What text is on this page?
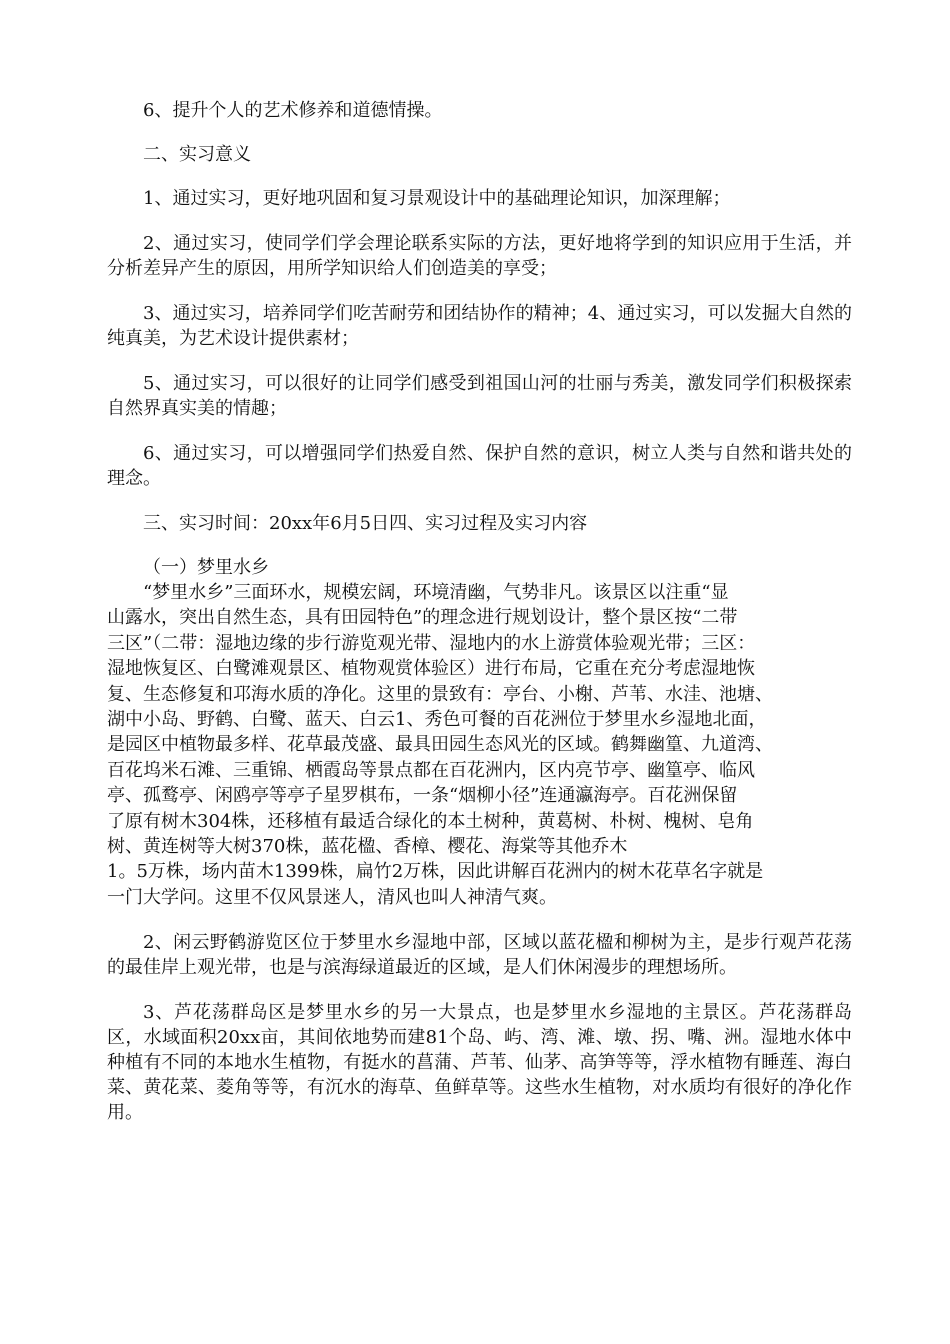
6、提升个人的艺术修养和道德情操。

二、实习意义

1、通过实习，更好地巩固和复习景观设计中的基础理论知识，加深理解；

2、通过实习，使同学们学会理论联系实际的方法，更好地将学到的知识应用于生活，并分析差异产生的原因，用所学知识给人们创造美的享受；

3、通过实习，培养同学们吃苦耐劳和团结协作的精神；4、通过实习，可以发掘大自然的纯真美，为艺术设计提供素材；

5、通过实习，可以很好的让同学们感受到祖国山河的壮丽与秀美，激发同学们积极探索自然界真实美的情趣；

6、通过实习，可以增强同学们热爱自然、保护自然的意识，树立人类与自然和谐共处的理念。

三、实习时间：20xx年6月5日四、实习过程及实习内容

（一）梦里水乡

“梦里水乡”三面环水，规模宏阔，环境清幽，气势非凡。该景区以注重“显
山露水，突出自然生态，具有田园特色”的理念进行规划设计，整个景区按“二带
三区”（二带：湿地边缘的步行游览观光带、湿地内的水上游赏体验观光带；三区：
湿地恢复区、白鹭滩观景区、植物观赏体验区）进行布局，它重在充分考虑湿地恢
复、生态修复和邛海水质的净化。这里的景致有：亭台、小榭、芦苇、水洼、池塘、
湖中小岛、野鹤、白鹭、蓝天、白云1、秀色可餐的百花洲位于梦里水乡湿地北面，
是园区中植物最多样、花草最茂盛、最具田园生态风光的区域。鹤舞幽篁、九道湾、
百花坞米石滩、三重锦、栖霞岛等景点都在百花洲内，区内亮节亭、幽篁亭、临风
亭、孤鹜亭、闲鸥亭等亭子星罗棋布，一条“烟柳小径”连通瀛海亭。百花洲保留
了原有树木304株，还移植有最适合绿化的本土树种，黄葛树、朴树、槐树、皂角
树、黄连树等大树370株，蓝花楹、香樟、樱花、海棠等其他乔木
1。5万株，场内苗木1399株，扁竹2万株，因此讲解百花洲内的树木花草名字就是
一门大学问。这里不仅风景迷人，清风也叫人神清气爽。

2、闲云野鹤游览区位于梦里水乡湿地中部，区域以蓝花楹和柳树为主，是步行观芦花荡的最佳岸上观光带，也是与滨海绿道最近的区域，是人们休闲漫步的理想场所。

3、芦花荡群岛区是梦里水乡的另一大景点，也是梦里水乡湿地的主景区。芦花荡群岛区，水域面积20xx亩，其间依地势而建81个岛、屿、湾、滩、墩、拐、嘴、洲。湿地水体中种植有不同的本地水生植物，有挺水的菖蒲、芦苇、仙茅、高笋等等，浮水植物有睡莲、海白菜、黄花菜、菱角等等，有沉水的海草、鱼鲜草等。这些水生植物，对水质均有很好的净化作用。
